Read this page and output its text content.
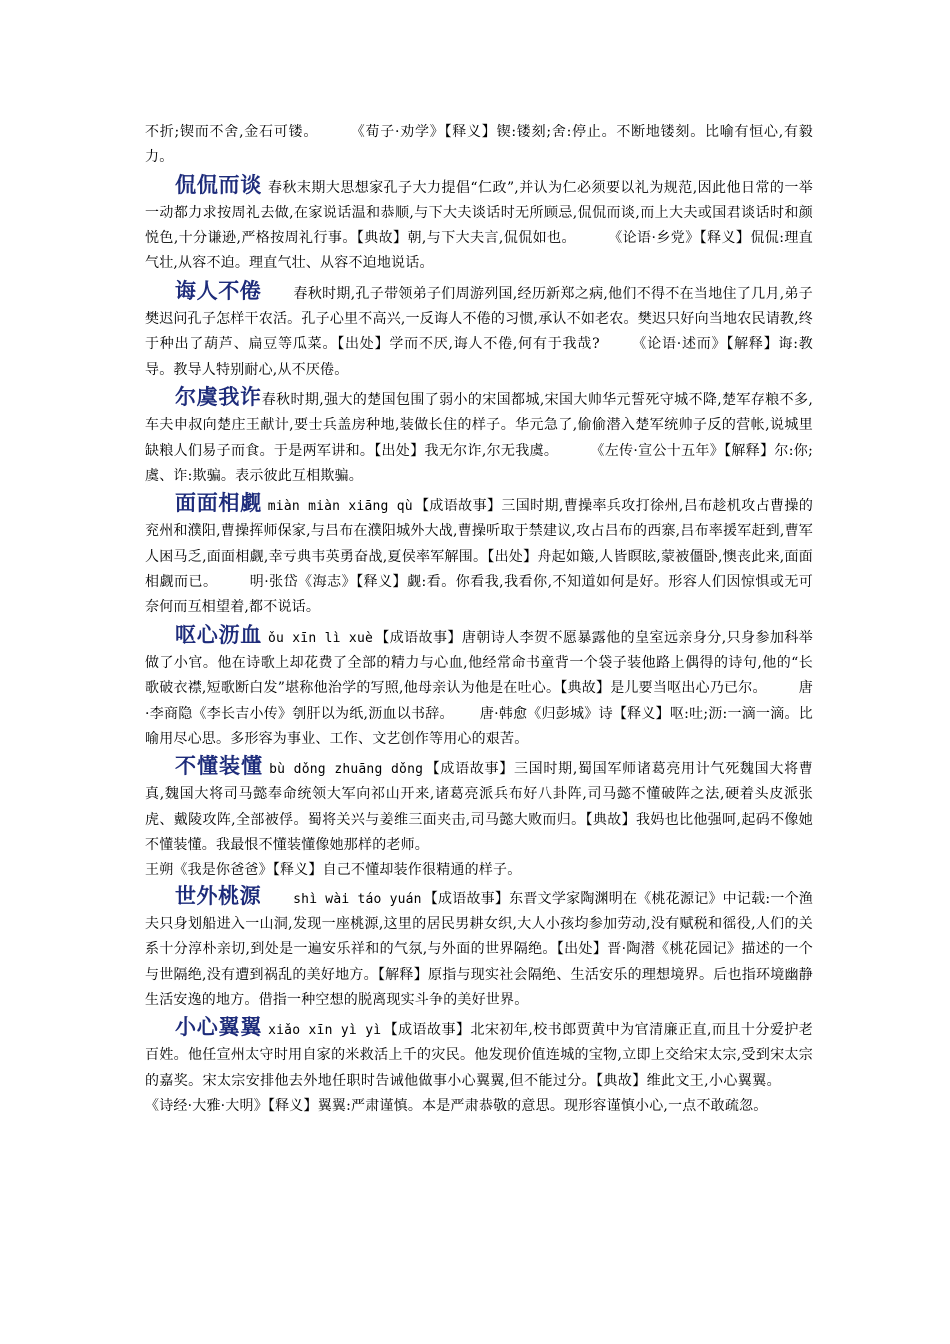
不折;锲而不舍,金石可镂。 《荀子·劝学》【释义】锲:镂刻;舍:停止。不断地镂刻。比喻有恒心,有毅力。

侃侃而谈 春秋末期大思想家孔子大力提倡“仁政”,并认为仁必须要以礼为规范,因此他日常的一举一动都力求按周礼去做,在家说话温和恭顺,与下大夫谈话时无所顾忌,侃侃而谈,而上大夫或国君谈话时和颜悦色,十分谦逊,严格按周礼行事。【典故】朝,与下大夫言,侃侃如也。 《论语·乡党》【释义】侃侃:理直气壮,从容不迫。理直气壮、从容不迫地说话。

诲人不倦 春秋时期,孔子带领弟子们周游列国,经历新郑之病,他们不得不在当地住了几月,弟子樊迟问孔子怎样干农活。孔子心里不高兴,一反诲人不倦的习惯,承认不如老农。樊迟只好向当地农民请教,终于种出了葫芦、扁豆等瓜菜。【出处】学而不厌,诲人不倦,何有于我哉? 《论语·述而》【解释】诲:教导。教导人特别耐心,从不厌倦。

尔虞我诈春秋时期,强大的楚国包围了弱小的宋国都城,宋国大帅华元誓死守城不降,楚军存粮不多,车夫申叔向楚庄王献计,要士兵盖房种地,装做长住的样子。华元急了,偷偷潜入楚军统帅子反的营帐,说城里缺粮人们易子而食。于是两军讲和。【出处】我无尔诈,尔无我虞。 《左传·宣公十五年》【解释】尔:你;虞、诈:欺骗。表示彼此互相欺骗。

面面相觑 miàn miàn xiāng qù 【成语故事】三国时期,曹操率兵攻打徐州,吕布趁机攻占曹操的兖州和濮阳,曹操挥师保家,与吕布在濮阳城外大战,曹操听取于禁建议,攻占吕布的西寨,吕布率援军赶到,曹军人困马乏,面面相觑,幸亏典韦英勇奋战,夏侯率军解围。【出处】舟起如簸,人皆瞑眩,蒙被僵卧,懊丧此来,面面相觑而已。 明·张岱《海志》【释义】觑:看。你看我,我看你,不知道如何是好。形容人们因惊惧或无可奈何而互相望着,都不说话。

呕心沥血 ǒu xīn lì xuè 【成语故事】唐朝诗人李贺不愿暴露他的皇室远亲身分,只身参加科举做了小官。他在诗歌上却花费了全部的精力与心血,他经常命书童背一个袋子装他路上偶得的诗句,他的“长歌破衣襟,短歌断白发”堪称他治学的写照,他母亲认为他是在吐心。【典故】是儿要当呕出心乃已尔。 唐·李商隐《李长吉小传》刳肝以为纸,沥血以书辞。 唐·韩愈《归彭城》诗【释义】呕:吐;沥:一滴一滴。比喻用尽心思。多形容为事业、工作、文艺创作等用心的艰苦。

不懂装懂 bù dǒng zhuāng dǒng 【成语故事】三国时期,蜀国军师诸葛亮用计气死魏国大将曹真,魏国大将司马懿奉命统领大军向祁山开来,诸葛亮派兵布好八卦阵,司马懿不懂破阵之法,硬着头皮派张虎、戴陵攻阵,全部被俘。蜀将关兴与姜维三面夹击,司马懿大败而归。【典故】我妈也比他强呵,起码不像她不懂装懂。我最恨不懂装懂像她那样的老师。
王朔《我是你爸爸》【释义】自己不懂却装作很精通的样子。

世外桃源 shì wài táo yuán 【成语故事】东晋文学家陶渊明在《桃花源记》中记载:一个渔夫只身划船进入一山洞,发现一座桃源,这里的居民男耕女织,大人小孩均参加劳动,没有赋税和徭役,人们的关系十分淳朴亲切,到处是一遍安乐祥和的气氛,与外面的世界隔绝。【出处】晋·陶潜《桃花园记》描述的一个与世隔绝,没有遭到祸乱的美好地方。【解释】原指与现实社会隔绝、生活安乐的理想境界。后也指环境幽静生活安逸的地方。借指一种空想的脱离现实斗争的美好世界。

小心翼翼 xiǎo xīn yì yì 【成语故事】北宋初年,校书郎贾黄中为官清廉正直,而且十分爱护老百姓。他任宣州太守时用自家的米救活上千的灾民。他发现价值连城的宝物,立即上交给宋太宗,受到宋太宗的嘉奖。宋太宗安排他去外地任职时告诫他做事小心翼翼,但不能过分。【典故】维此文王,小心翼翼。《诗经·大雅·大明》【释义】翼翼:严肃谨慎。本是严肃恭敬的意思。现形容谨慎小心,一点不敢疏忽。
